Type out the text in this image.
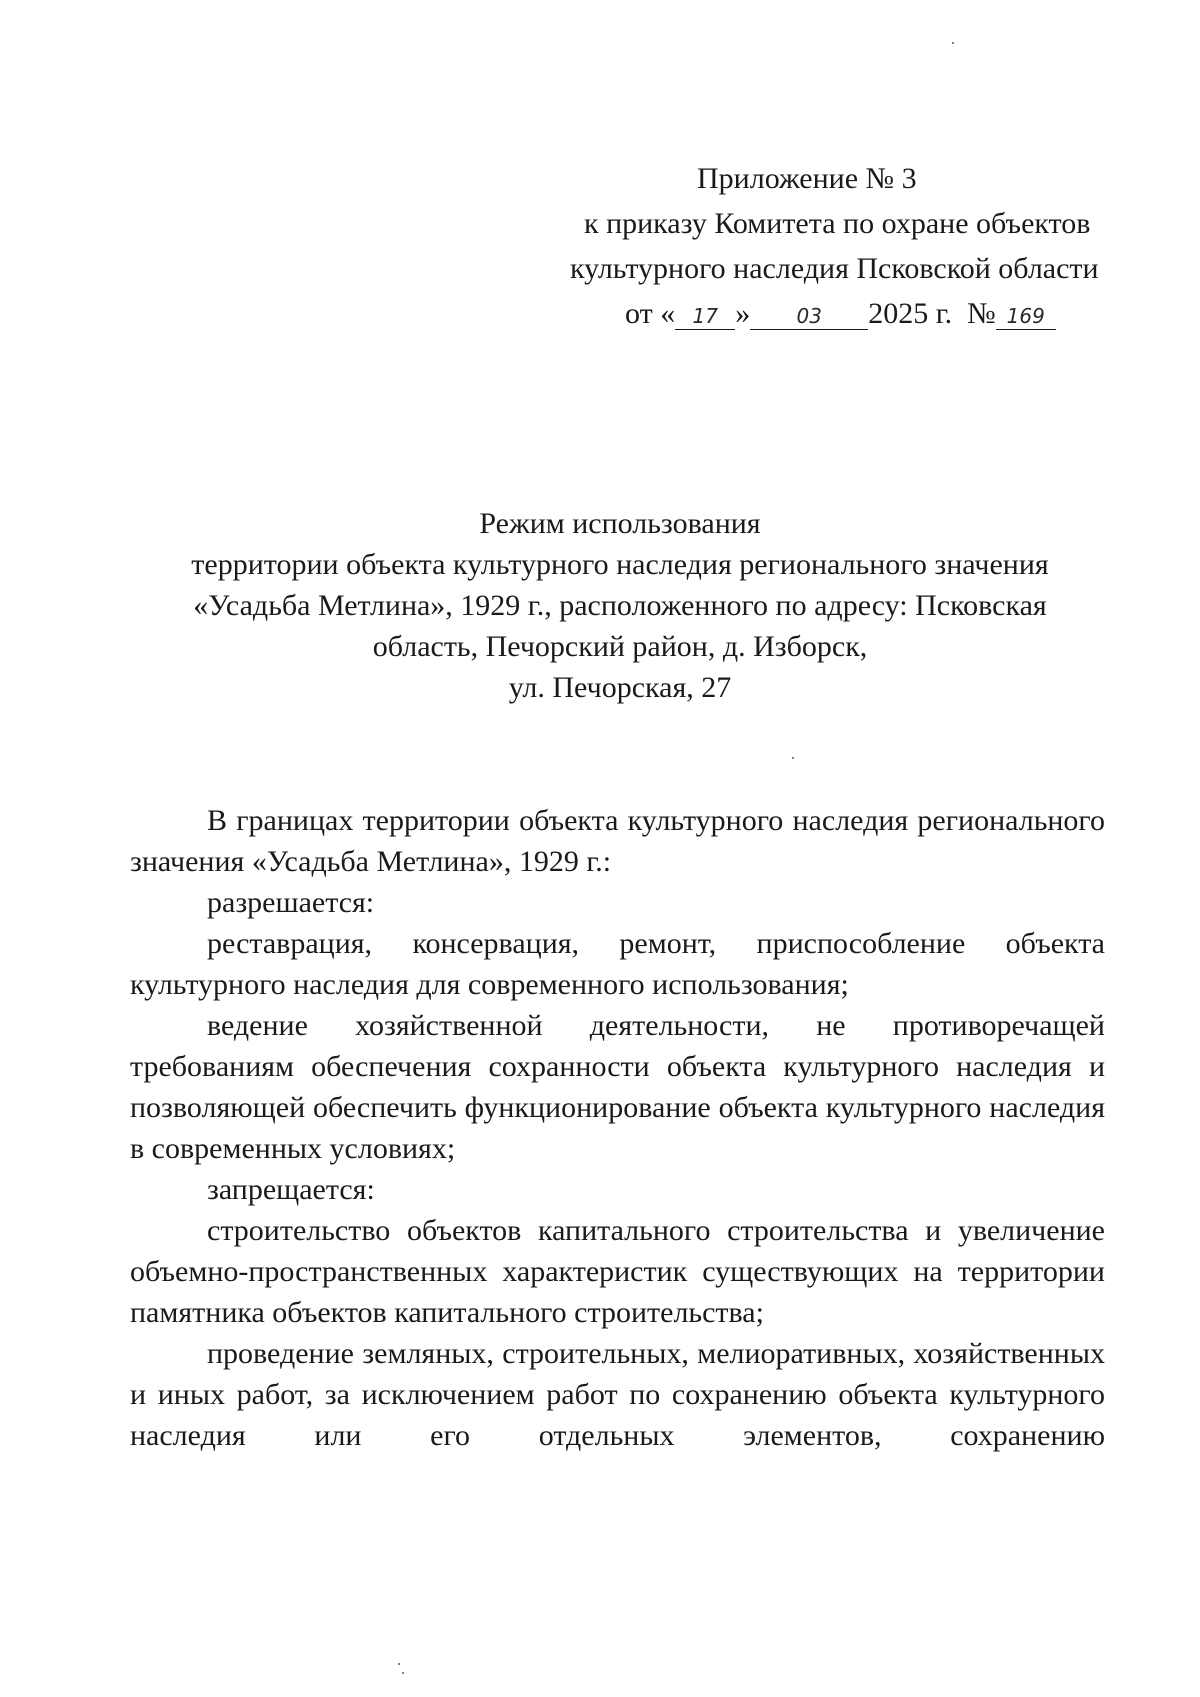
Приложение № 3
к приказу Комитета по охране объектов
культурного наследия Псковской области
от « 17 » 03 2025 г. № 169
Режим использования
территории объекта культурного наследия регионального значения
«Усадьба Метлина», 1929 г., расположенного по адресу: Псковская
область, Печорский район, д. Изборск,
ул. Печорская, 27

В границах территории объекта культурного наследия регионального значения «Усадьба Метлина», 1929 г.:

разрешается:

реставрация, консервация, ремонт, приспособление объекта культурного наследия для современного использования;

ведение хозяйственной деятельности, не противоречащей требованиям обеспечения сохранности объекта культурного наследия и позволяющей обеспечить функционирование объекта культурного наследия в современных условиях;

запрещается:

строительство объектов капитального строительства и увеличение объемно-пространственных характеристик существующих на территории памятника объектов капитального строительства;

проведение земляных, строительных, мелиоративных, хозяйственных и иных работ, за исключением работ по сохранению объекта культурного наследия или его отдельных элементов, сохранению
